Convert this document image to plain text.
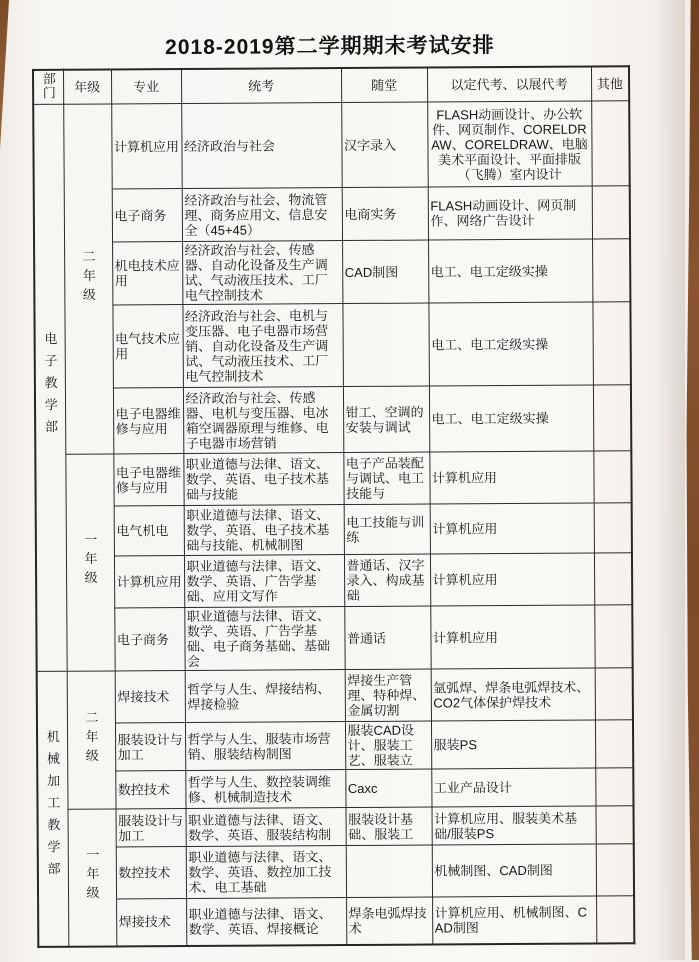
2018-2019第二学期期末考试安排
部门	年级	专业	统考	随堂	以定代考、以展代考	其他
电子教学部	二年级	计算机应用	经济政治与社会	汉字录入	FLASH动画设计、办公软件、网页制作、CORELDRAW、CORELDRAW、电脑美术平面设计、平面排版（飞腾）室内设计	
		电子商务	经济政治与社会、物流管理、商务应用文、信息安全（45+45）	电商实务	FLASH动画设计、网页制作、网络广告设计	
		机电技术应用	经济政治与社会、传感器、自动化设备及生产调试、气动液压技术、工厂电气控制技术	CAD制图	电工、电工定级实操	
		电气技术应用	经济政治与社会、电机与变压器、电子电器市场营销、自动化设备及生产调试、气动液压技术、工厂电气控制技术		电工、电工定级实操	
		电子电器维修与应用	经济政治与社会、传感器、电机与变压器、电冰箱空调器原理与维修、电子电器市场营销	钳工、空调的安装与调试	电工、电工定级实操	
	一年级	电子电器维修与应用	职业道德与法律、语文、数学、英语、电子技术基础与技能	电子产品装配与调试、电工技能与	计算机应用	
		电气机电	职业道德与法律、语文、数学、英语、电子技术基础与技能、机械制图	电工技能与训练	计算机应用	
		计算机应用	职业道德与法律、语文、数学、英语、广告学基础、应用文写作	普通话、汉字录入、构成基础	计算机应用	
		电子商务	职业道德与法律、语文、数学、英语、广告学基础、电子商务基础、基础会	普通话	计算机应用	
机械加工教学部	二年级	焊接技术	哲学与人生、焊接结构、焊接检验	焊接生产管理、特种焊、金属切割	氩弧焊、焊条电弧焊技术、CO2气体保护焊技术	
		服装设计与加工	哲学与人生、服装市场营销、服装结构制图	服装CAD设计、服装工艺、服装立	服装PS	
		数控技术	哲学与人生、数控装调维修、机械制造技术	Caxc	工业产品设计	
	一年级	服装设计与加工	职业道德与法律、语文、数学、英语、服装结构制	服装设计基础、服装工	计算机应用、服装美术基础/服装PS	
		数控技术	职业道德与法律、语文、数学、英语、数控加工技术、电工基础		机械制图、CAD制图	
		焊接技术	职业道德与法律、语文、数学、英语、焊接概论	焊条电弧焊技术	计算机应用、机械制图、CAD制图	
